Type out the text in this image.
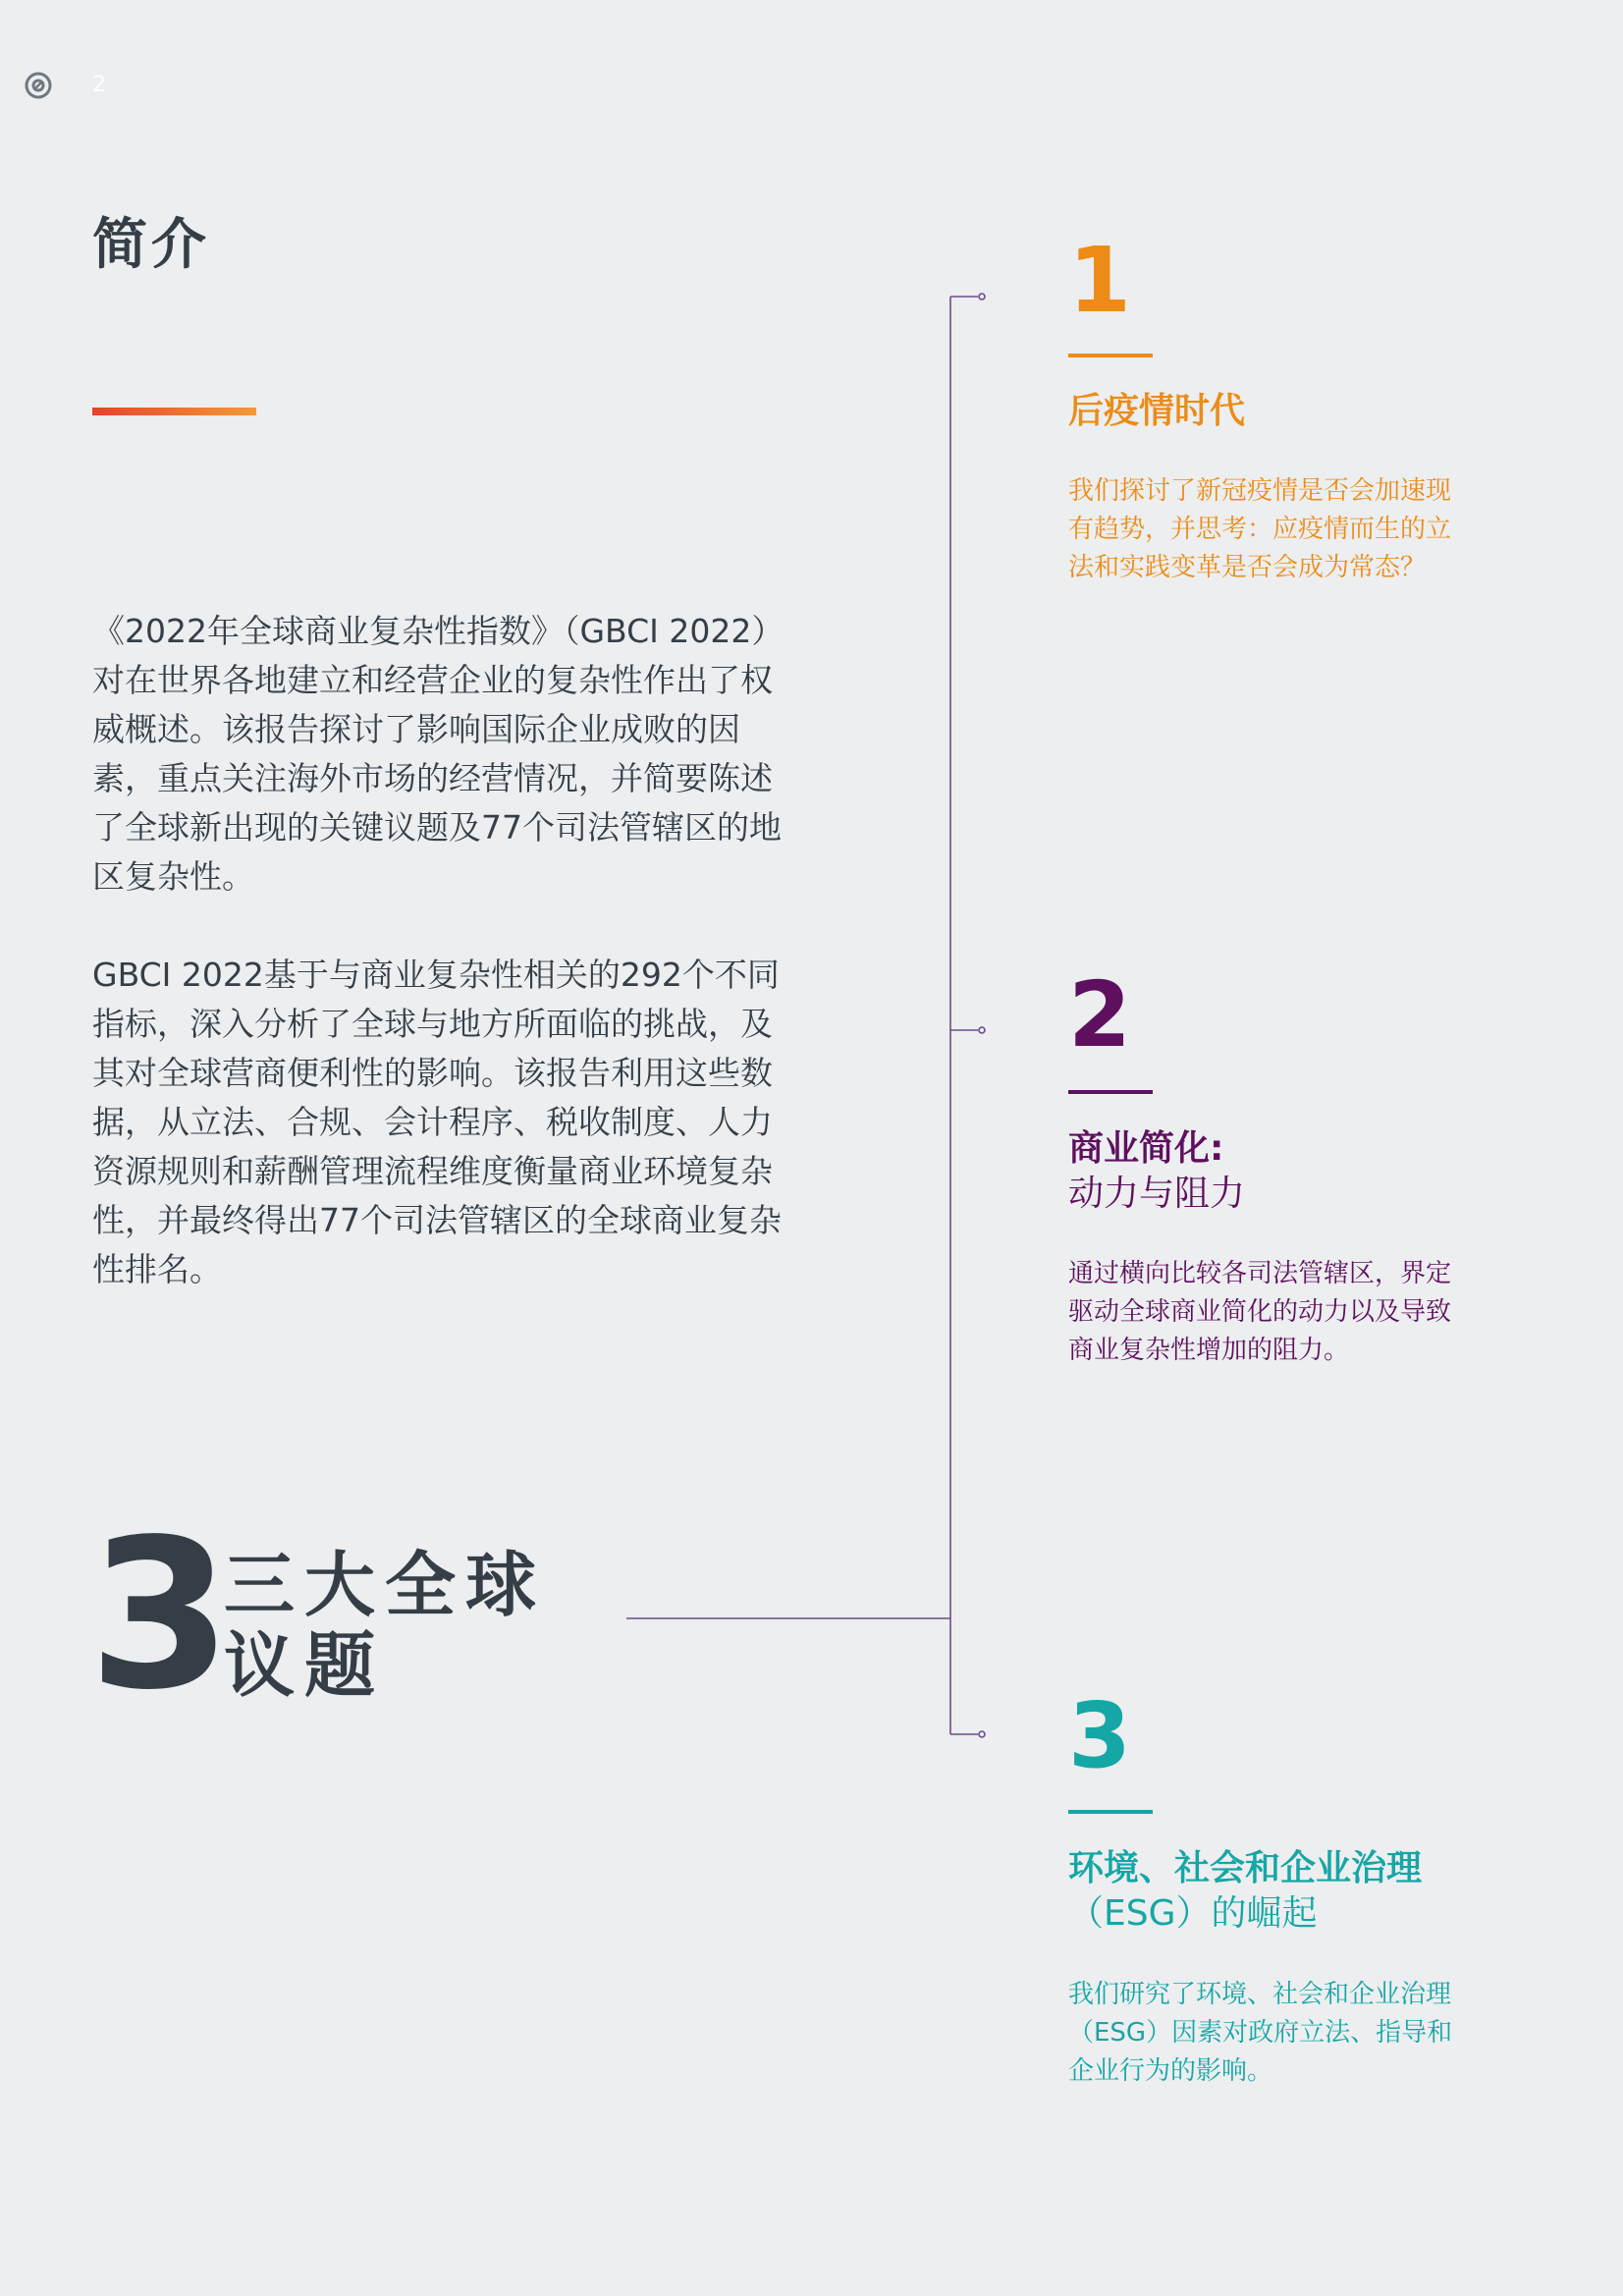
2
简介

《2022年全球商业复杂性指数》（GBCI 2022）对在世界各地建立和经营企业的复杂性作出了权威概述。该报告探讨了影响国际企业成败的因素，重点关注海外市场的经营情况，并简要陈述了全球新出现的关键议题及77个司法管辖区的地区复杂性。

GBCI 2022基于与商业复杂性相关的292个不同指标，深入分析了全球与地方所面临的挑战，及其对全球营商便利性的影响。该报告利用这些数据，从立法、合规、会计程序、税收制度、人力资源规则和薪酬管理流程维度衡量商业环境复杂性，并最终得出77个司法管辖区的全球商业复杂性排名。

3
三大全球
议题
1
后疫情时代
我们探讨了新冠疫情是否会加速现有趋势，并思考：应疫情而生的立法和实践变革是否会成为常态？
2
商业简化:
动力与阻力
通过横向比较各司法管辖区，界定驱动全球商业简化的动力以及导致商业复杂性增加的阻力。
3
环境、社会和企业治理
（ESG）的崛起
我们研究了环境、社会和企业治理（ESG）因素对政府立法、指导和企业行为的影响。
